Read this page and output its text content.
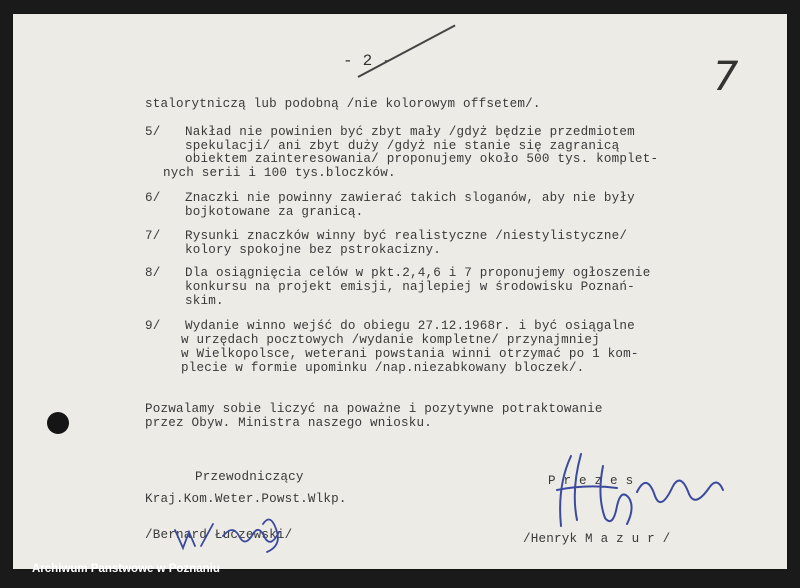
- 2 -	7
stalorytniczą lub podobną /nie kolorowym offsetem/.
5/ Nakład nie powinien być zbyt mały /gdyż będzie przedmiotem
spekulacji/ ani zbyt duży /gdyż nie stanie się zagranicą
obiektem zainteresowania/ proponujemy około 500 tys. komplet-
nych serii i 100 tys.bloczków.
6/ Znaczki nie powinny zawierać takich sloganów, aby nie były
bojkotowane za granicą.
7/ Rysunki znaczków winny być realistyczne /niestylistyczne/
kolory spokojne bez pstrokacizny.
8/ Dla osiągnięcia celów w pkt.2,4,6 i 7 proponujemy ogłoszenie
konkursu na projekt emisji, najlepiej w środowisku Poznań-
skim.
9/ Wydanie winno wejść do obiegu 27.12.1968r. i być osiągalne
w urzędach pocztowych /wydanie kompletne/ przynajmniej
w Wielkopolsce, weterani powstania winni otrzymać po 1 kom-
plecie w formie upominku /nap.niezabkowany bloczek/.
Pozwalamy sobie liczyć na poważne i pozytywne potraktowanie
przez Obyw. Ministra naszego wniosku.
Przewodniczący
Kraj.Kom.Weter.Powst.Wlkp.
/Bernard Łuczewski/
P r e z e s
/Henryk M a z u r /
Archiwum Panstwowe w Poznaniu
